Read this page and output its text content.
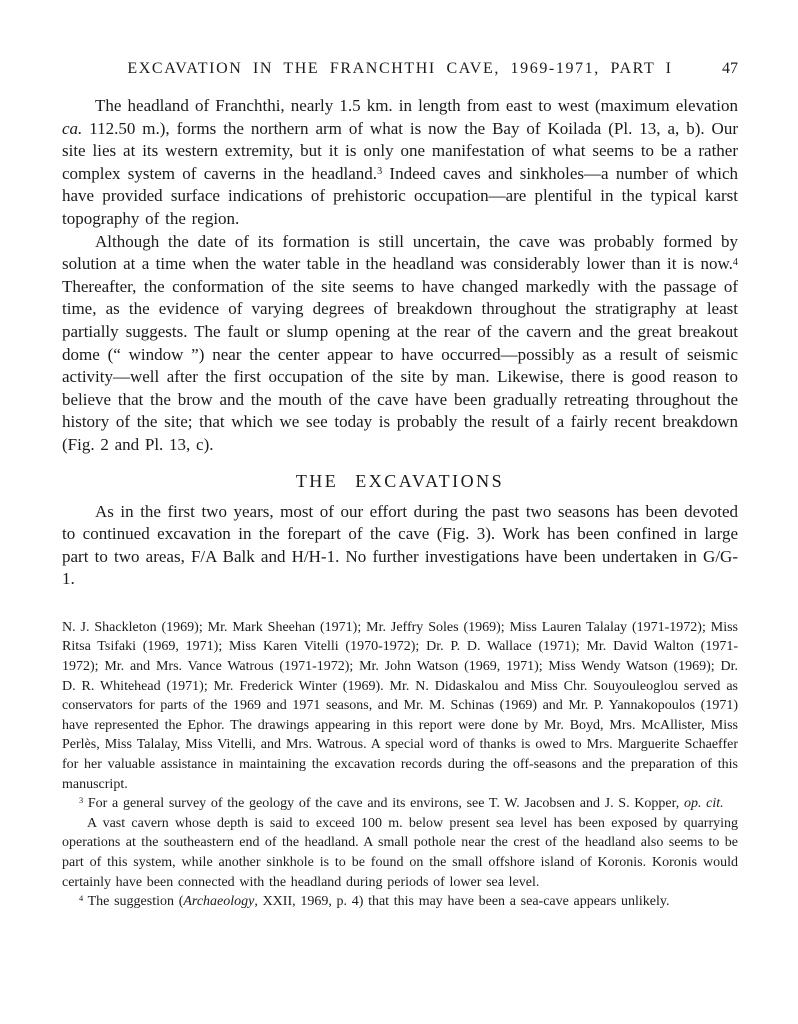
EXCAVATION IN THE FRANCHTHI CAVE, 1969-1971, PART I	47

The headland of Franchthi, nearly 1.5 km. in length from east to west (maximum elevation ca. 112.50 m.), forms the northern arm of what is now the Bay of Koilada (Pl. 13, a, b). Our site lies at its western extremity, but it is only one manifestation of what seems to be a rather complex system of caverns in the headland.$^3$ Indeed caves and sinkholes—a number of which have provided surface indications of prehistoric occupation—are plentiful in the typical karst topography of the region.

Although the date of its formation is still uncertain, the cave was probably formed by solution at a time when the water table in the headland was considerably lower than it is now.$^4$ Thereafter, the conformation of the site seems to have changed markedly with the passage of time, as the evidence of varying degrees of breakdown throughout the stratigraphy at least partially suggests. The fault or slump opening at the rear of the cavern and the great breakout dome (“ window ”) near the center appear to have occurred—possibly as a result of seismic activity—well after the first occupation of the site by man. Likewise, there is good reason to believe that the brow and the mouth of the cave have been gradually retreating throughout the history of the site; that which we see today is probably the result of a fairly recent breakdown (Fig. 2 and Pl. 13, c).

THE EXCAVATIONS

As in the first two years, most of our effort during the past two seasons has been devoted to continued excavation in the forepart of the cave (Fig. 3). Work has been confined in large part to two areas, F/A Balk and H/H-1. No further investigations have been undertaken in G/G-1.

N. J. Shackleton (1969); Mr. Mark Sheehan (1971); Mr. Jeffry Soles (1969); Miss Lauren Talalay (1971-1972); Miss Ritsa Tsifaki (1969, 1971); Miss Karen Vitelli (1970-1972); Dr. P. D. Wallace (1971); Mr. David Walton (1971-1972); Mr. and Mrs. Vance Watrous (1971-1972); Mr. John Watson (1969, 1971); Miss Wendy Watson (1969); Dr. D. R. Whitehead (1971); Mr. Frederick Winter (1969). Mr. N. Didaskalou and Miss Chr. Souyouleoglou served as conservators for parts of the 1969 and 1971 seasons, and Mr. M. Schinas (1969) and Mr. P. Yannakopoulos (1971) have represented the Ephor. The drawings appearing in this report were done by Mr. Boyd, Mrs. McAllister, Miss Perlès, Miss Talalay, Miss Vitelli, and Mrs. Watrous. A special word of thanks is owed to Mrs. Marguerite Schaeffer for her valuable assistance in maintaining the excavation records during the off-seasons and the preparation of this manuscript.

$^3$ For a general survey of the geology of the cave and its environs, see T. W. Jacobsen and J. S. Kopper, op. cit.

A vast cavern whose depth is said to exceed 100 m. below present sea level has been exposed by quarrying operations at the southeastern end of the headland. A small pothole near the crest of the headland also seems to be part of this system, while another sinkhole is to be found on the small offshore island of Koronis. Koronis would certainly have been connected with the headland during periods of lower sea level.

$^4$ The suggestion (Archaeology, XXII, 1969, p. 4) that this may have been a sea-cave appears unlikely.
